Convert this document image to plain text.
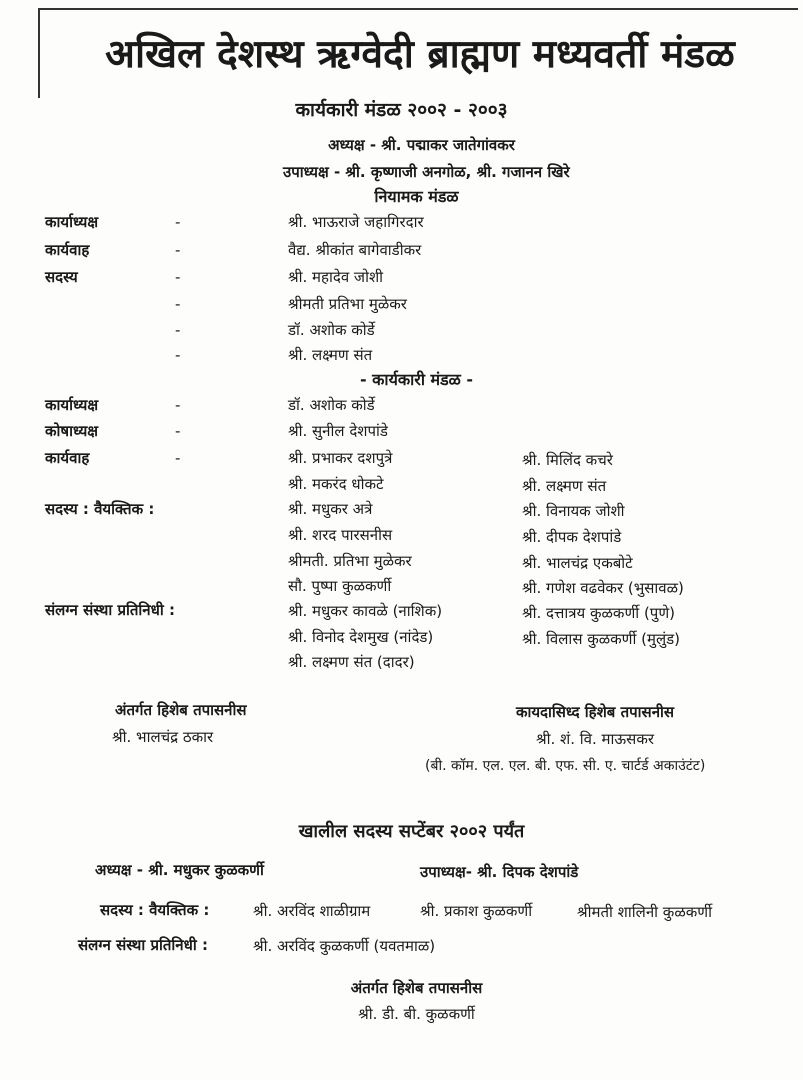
अखिल देशस्थ ऋग्वेदी ब्राह्मण मध्यवर्ती मंडळ
कार्यकारी मंडळ २००२ - २००३
अध्यक्ष - श्री. पद्माकर जातेगांवकर
उपाध्यक्ष - श्री. कृष्णाजी अनगोळ, श्री. गजानन खिरे
नियामक मंडळ
कार्याध्यक्ष	-	श्री. भाऊराजे जहागिरदार
कार्यवाह	-	वैद्य. श्रीकांत बागेवाडीकर
सदस्य	-	श्री. महादेव जोशी
-	श्रीमती प्रतिभा मुळेकर
-	डॉ. अशोक कोर्डे
-	श्री. लक्ष्मण संत
- कार्यकारी मंडळ -
कार्याध्यक्ष	-	डॉ. अशोक कोर्डे
कोषाध्यक्ष	-	श्री. सुनील देशपांडे
कार्यवाह	-	श्री. प्रभाकर दशपुत्रे	श्री. मिलिंद कचरे
श्री. मकरंद धोकटे	श्री. लक्ष्मण संत
सदस्य : वैयक्तिक :	श्री. मधुकर अत्रे	श्री. विनायक जोशी
श्री. शरद पारसनीस	श्री. दीपक देशपांडे
श्रीमती. प्रतिभा मुळेकर	श्री. भालचंद्र एकबोटे
सौ. पुष्पा कुळकर्णी	श्री. गणेश वढवेकर (भुसावळ)
संलग्न संस्था प्रतिनिधी :	श्री. मधुकर कावळे (नाशिक)	श्री. दत्तात्रय कुळकर्णी (पुणे)
श्री. विनोद देशमुख (नांदेड)	श्री. विलास कुळकर्णी (मुलुंड)
श्री. लक्ष्मण संत (दादर)
अंतर्गत हिशेब तपासनीस
श्री. भालचंद्र ठकार
कायदासिध्द हिशेब तपासनीस
श्री. शं. वि. माऊसकर
(बी. कॉम. एल. एल. बी. एफ. सी. ए. चार्टर्ड अकाउंटंट)
खालील सदस्य सप्टेंबर २००२ पर्यंत
अध्यक्ष - श्री. मधुकर कुळकर्णी	उपाध्यक्ष- श्री. दिपक देशपांडे
सदस्य : वैयक्तिक :	श्री. अरविंद शाळीग्राम	श्री. प्रकाश कुळकर्णी	श्रीमती शालिनी कुळकर्णी
संलग्न संस्था प्रतिनिधी :	श्री. अरविंद कुळकर्णी (यवतमाळ)
अंतर्गत हिशेब तपासनीस
श्री. डी. बी. कुळकर्णी
